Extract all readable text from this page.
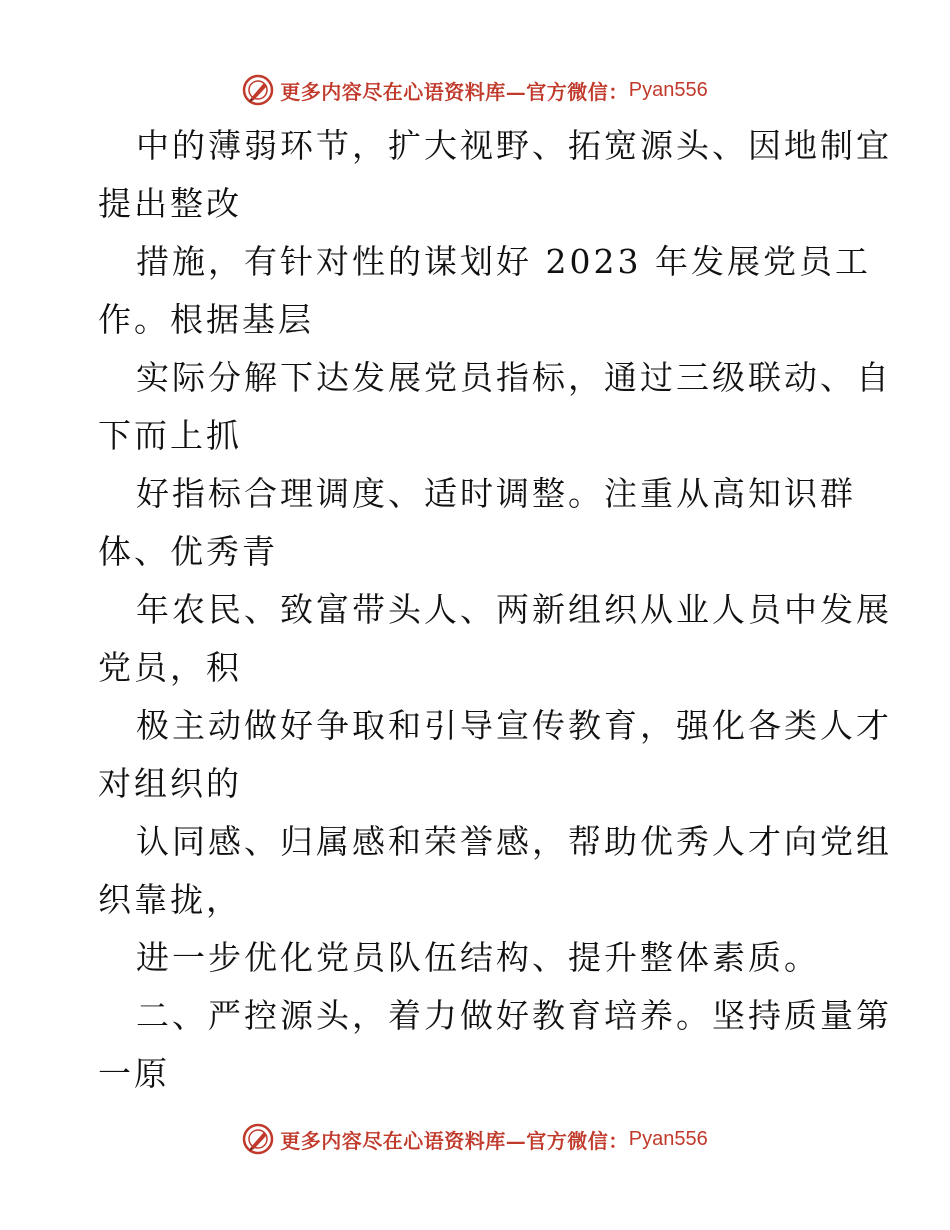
更多内容尽在心语资料库—官方微信： Pyan556
中的薄弱环节，扩大视野、拓宽源头、因地制宜
提出整改
措施，有针对性的谋划好 2023 年发展党员工
作。根据基层
实际分解下达发展党员指标，通过三级联动、自
下而上抓
好指标合理调度、适时调整。注重从高知识群
体、优秀青
年农民、致富带头人、两新组织从业人员中发展
党员，积
极主动做好争取和引导宣传教育，强化各类人才
对组织的
认同感、归属感和荣誉感，帮助优秀人才向党组
织靠拢，
进一步优化党员队伍结构、提升整体素质。
二、严控源头，着力做好教育培养。坚持质量第
一原
更多内容尽在心语资料库—官方微信： Pyan556
